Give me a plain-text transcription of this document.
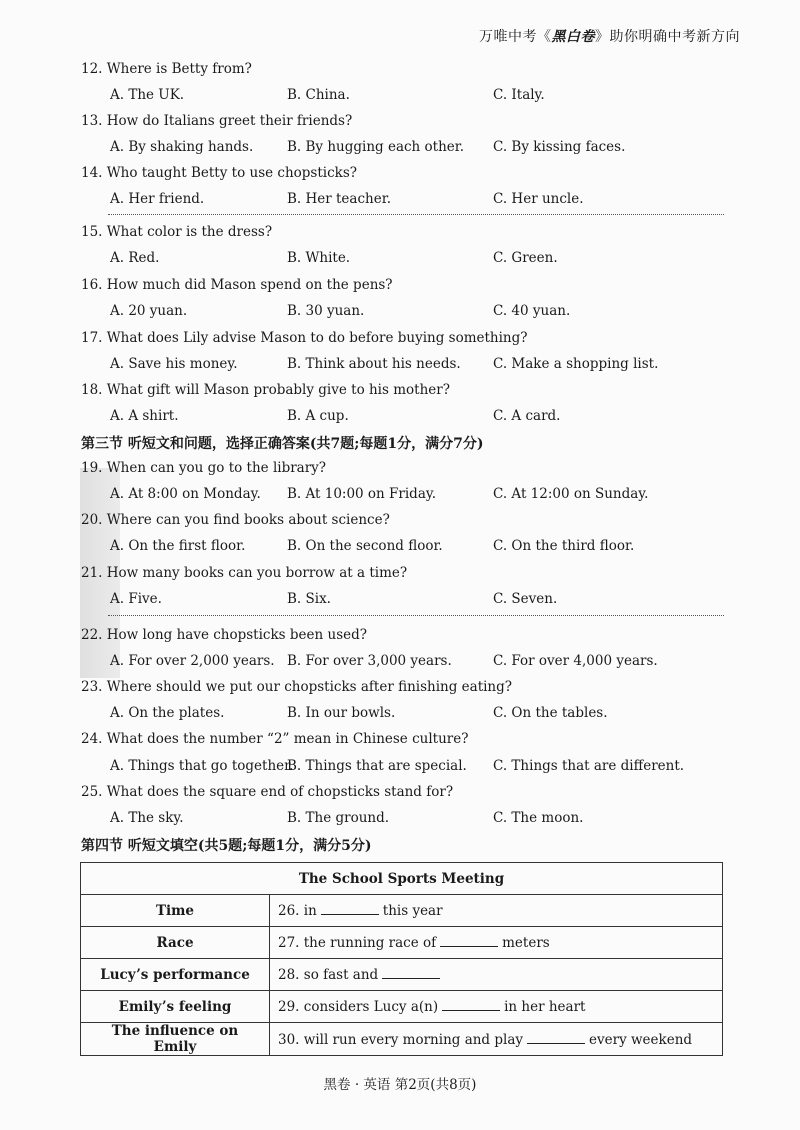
万唯中考《黑白卷》助你明确中考新方向
12. Where is Betty from?
A. The UK.	B. China.	C. Italy.
13. How do Italians greet their friends?
A. By shaking hands. B. By hugging each other. C. By kissing faces.
14. Who taught Betty to use chopsticks?
A. Her friend.	B. Her teacher.	C. Her uncle.
15. What color is the dress?
A. Red.	B. White.	C. Green.
16. How much did Mason spend on the pens?
A. 20 yuan.	B. 30 yuan.	C. 40 yuan.
17. What does Lily advise Mason to do before buying something?
A. Save his money.	B. Think about his needs. C. Make a shopping list.
18. What gift will Mason probably give to his mother?
A. A shirt.	B. A cup.	C. A card.
第三节 听短文和问题，选择正确答案(共7题;每题1分，满分7分)
19. When can you go to the library?
A. At 8:00 on Monday. B. At 10:00 on Friday.	C. At 12:00 on Sunday.
20. Where can you find books about science?
A. On the first floor.	B. On the second floor.	C. On the third floor.
21. How many books can you borrow at a time?
A. Five.	B. Six.	C. Seven.
22. How long have chopsticks been used?
A. For over 2,000 years. B. For over 3,000 years.	C. For over 4,000 years.
23. Where should we put our chopsticks after finishing eating?
A. On the plates.	B. In our bowls.	C. On the tables.
24. What does the number “2” mean in Chinese culture?
A. Things that go together.
B. Things that are special. C. Things that are different.
25. What does the square end of chopsticks stand for?
A. The sky.	B. The ground.	C. The moon.
第四节 听短文填空(共5题;每题1分，满分5分)
The School Sports Meeting	
Time	26. in this year
Race	27. the running race of meters
Lucy’s performance	28. so fast and
Emily’s feeling	29. considers Lucy a(n) in her heart
The influence on Emily	30. will run every morning and play every weekend
黑卷 · 英语 第2页(共8页)
